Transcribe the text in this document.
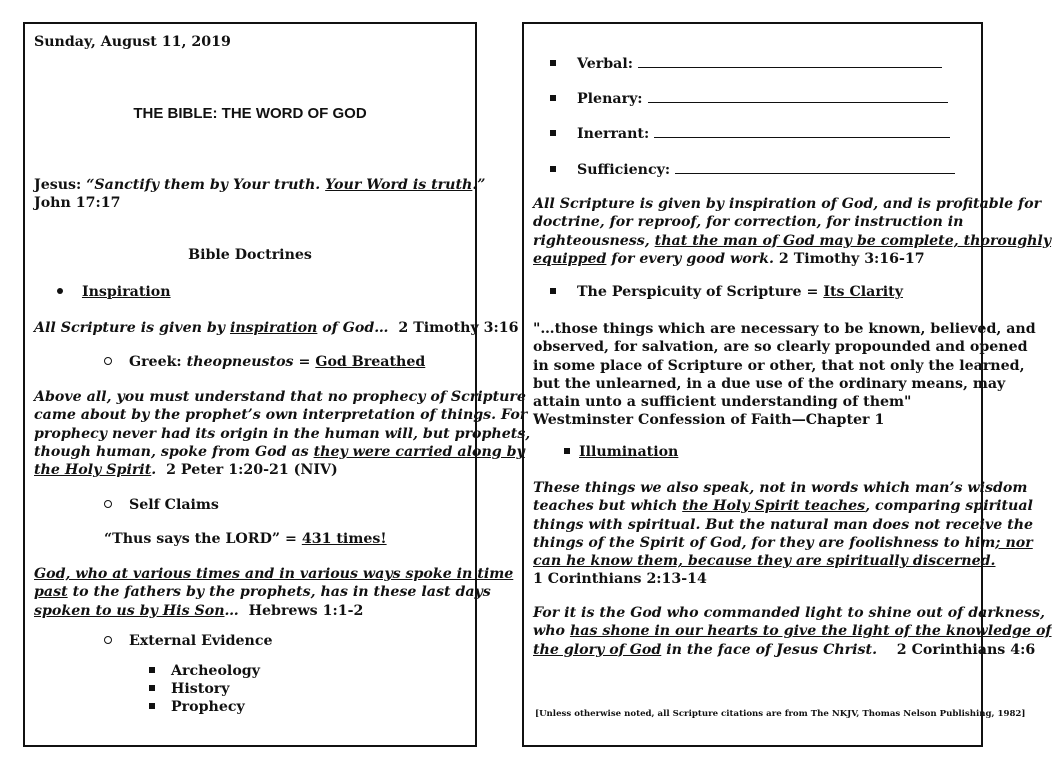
Sunday, August 11, 2019
THE BIBLE: THE WORD OF GOD
Jesus: “Sanctify them by Your truth. Your Word is truth.”
John 17:17
Bible Doctrines
Inspiration
All Scripture is given by inspiration of God… 2 Timothy 3:16
Greek: theopneustos = God Breathed
Above all, you must understand that no prophecy of Scripture
came about by the prophet’s own interpretation of things. For
prophecy never had its origin in the human will, but prophets,
though human, spoke from God as they were carried along by
the Holy Spirit. 2 Peter 1:20-21 (NIV)
Self Claims
“Thus says the LORD” = 431 times!
God, who at various times and in various ways spoke in time
past to the fathers by the prophets, has in these last days
spoken to us by His Son… Hebrews 1:1-2
External Evidence
Archeology
History
Prophecy
Verbal:
Plenary:
Inerrant:
Sufficiency:
All Scripture is given by inspiration of God, and is profitable for
doctrine, for reproof, for correction, for instruction in
righteousness, that the man of God may be complete, thoroughly
equipped for every good work. 2 Timothy 3:16-17
The Perspicuity of Scripture = Its Clarity
"…those things which are necessary to be known, believed, and
observed, for salvation, are so clearly propounded and opened
in some place of Scripture or other, that not only the learned,
but the unlearned, in a due use of the ordinary means, may
attain unto a sufficient understanding of them"
Westminster Confession of Faith—Chapter 1
Illumination
These things we also speak, not in words which man’s wisdom
teaches but which the Holy Spirit teaches, comparing spiritual
things with spiritual. But the natural man does not receive the
things of the Spirit of God, for they are foolishness to him; nor
can he know them, because they are spiritually discerned.
1 Corinthians 2:13-14
For it is the God who commanded light to shine out of darkness,
who has shone in our hearts to give the light of the knowledge of
the glory of God in the face of Jesus Christ. 2 Corinthians 4:6
[Unless otherwise noted, all Scripture citations are from The NKJV, Thomas Nelson Publishing, 1982]
